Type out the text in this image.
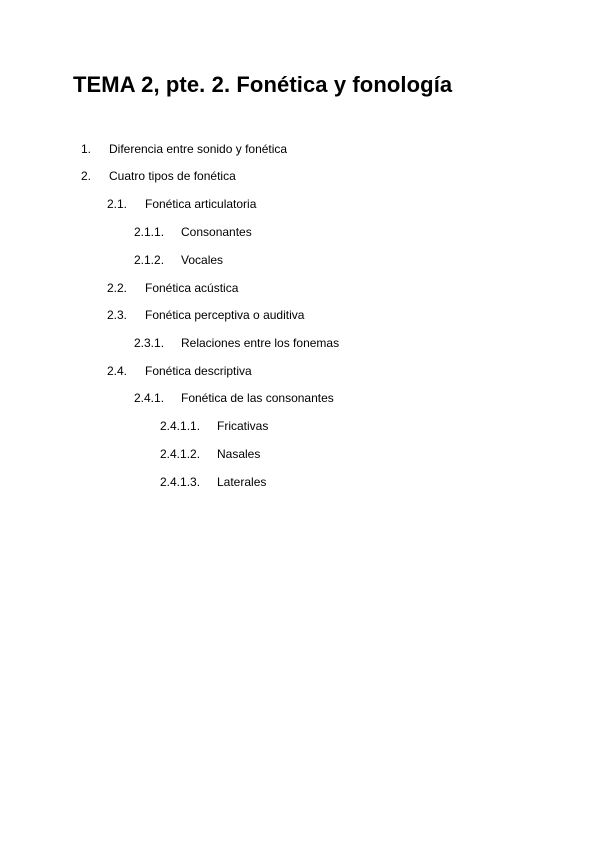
TEMA 2, pte. 2. Fonética y fonología
1. Diferencia entre sonido y fonética
2. Cuatro tipos de fonética
2.1. Fonética articulatoria
2.1.1. Consonantes
2.1.2. Vocales
2.2. Fonética acústica
2.3. Fonética perceptiva o auditiva
2.3.1. Relaciones entre los fonemas
2.4. Fonética descriptiva
2.4.1. Fonética de las consonantes
2.4.1.1. Fricativas
2.4.1.2. Nasales
2.4.1.3. Laterales
